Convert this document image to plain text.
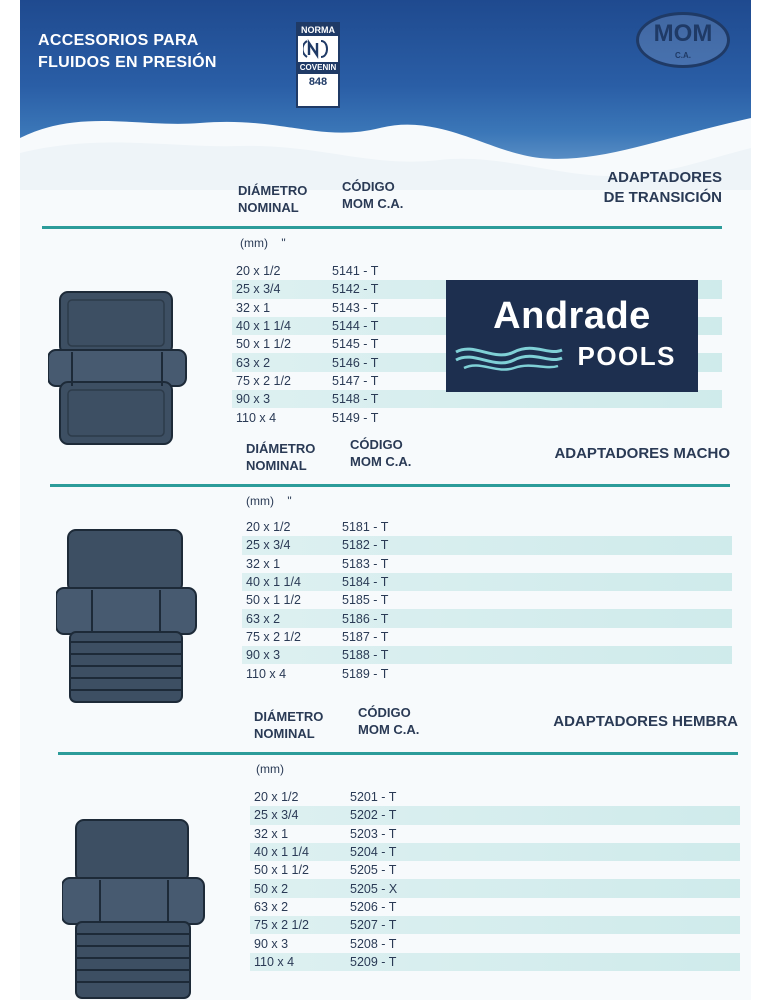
ACCESORIOS PARA
FLUIDOS EN PRESIÓN
NORMA
COVENIN
848
MOM
C.A.
DIÁMETRO
NOMINAL
CÓDIGO
MOM C.A.
ADAPTADORES
DE TRANSICIÓN
(mm) "
20 x 1/2	5141 - T
25 x 3/4	5142 - T
32 x 1	5143 - T
40 x 1 1/4	5144 - T
50 x 1 1/2	5145 - T
63 x 2	5146 - T
75 x 2 1/2	5147 - T
90 x 3	5148 - T
110 x 4	5149 - T
Andrade
POOLS
DIÁMETRO
NOMINAL
CÓDIGO
MOM C.A.	ADAPTADORES MACHO
(mm) "
20 x 1/2	5181 - T
25 x 3/4	5182 - T
32 x 1	5183 - T
40 x 1 1/4	5184 - T
50 x 1 1/2	5185 - T
63 x 2	5186 - T
75 x 2 1/2	5187 - T
90 x 3	5188 - T
110 x 4	5189 - T
DIÁMETRO
NOMINAL
CÓDIGO
MOM C.A.	ADAPTADORES HEMBRA
(mm)
20 x 1/2	5201 - T
25 x 3/4	5202 - T
32 x 1	5203 - T
40 x 1 1/4	5204 - T
50 x 1 1/2	5205 - T
50 x 2	5205 - X
63 x 2	5206 - T
75 x 2 1/2	5207 - T
90 x 3	5208 - T
110 x 4	5209 - T
